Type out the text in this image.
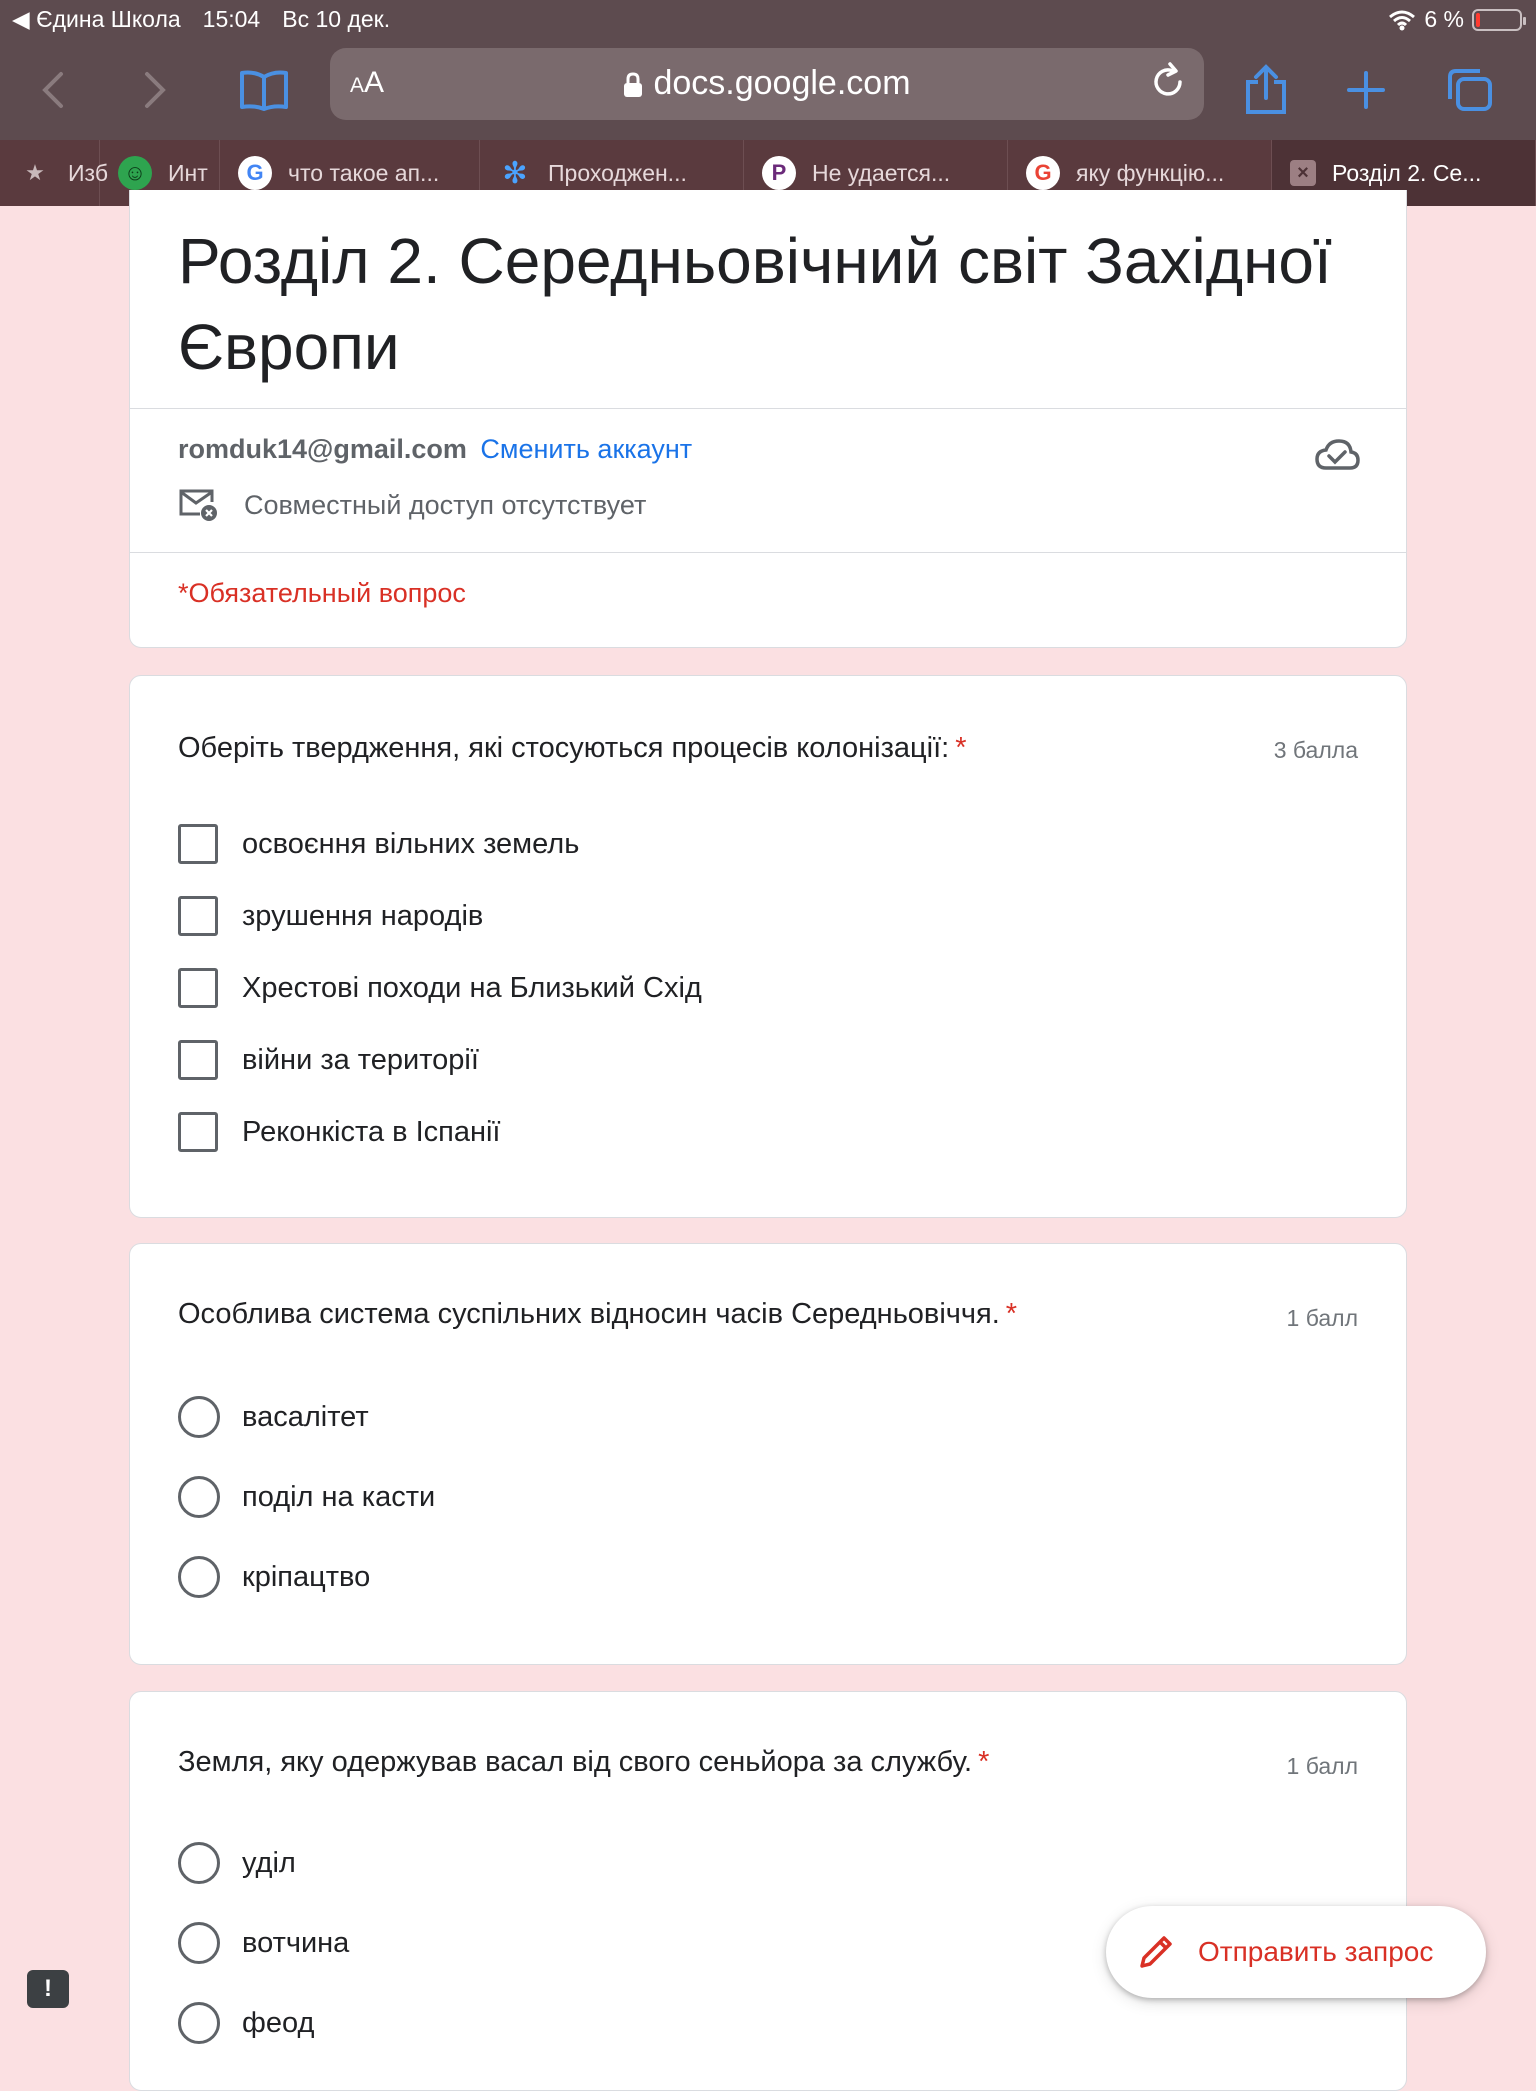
◀ Єдина Школа 15:04 Вс 10 дек.	6 %
AA	docs.google.com
★	Изб ☺ Инт	G	что такое ап... ✻ Проходжен...	P	Не удается...	G	яку функцію...	×	Розділ 2. Се...
Розділ 2. Середньовічний світ Західної Європи
romduk14@gmail.com Сменить аккаунт
Совместный доступ отсутствует
*Обязательный вопрос
Оберіть твердження, які стосуються процесів колонізації: *	3 балла
освоєння вільних земель
зрушення народів
Хрестові походи на Близький Схід
війни за території
Реконкіста в Іспанії
Особлива система суспільних відносин часів Середньовіччя. *	1 балл
васалітет
поділ на касти
кріпацтво
Земля, яку одержував васал від свого сеньйора за службу. *	1 балл
уділ
вотчина
феод
Отправить запрос
!
